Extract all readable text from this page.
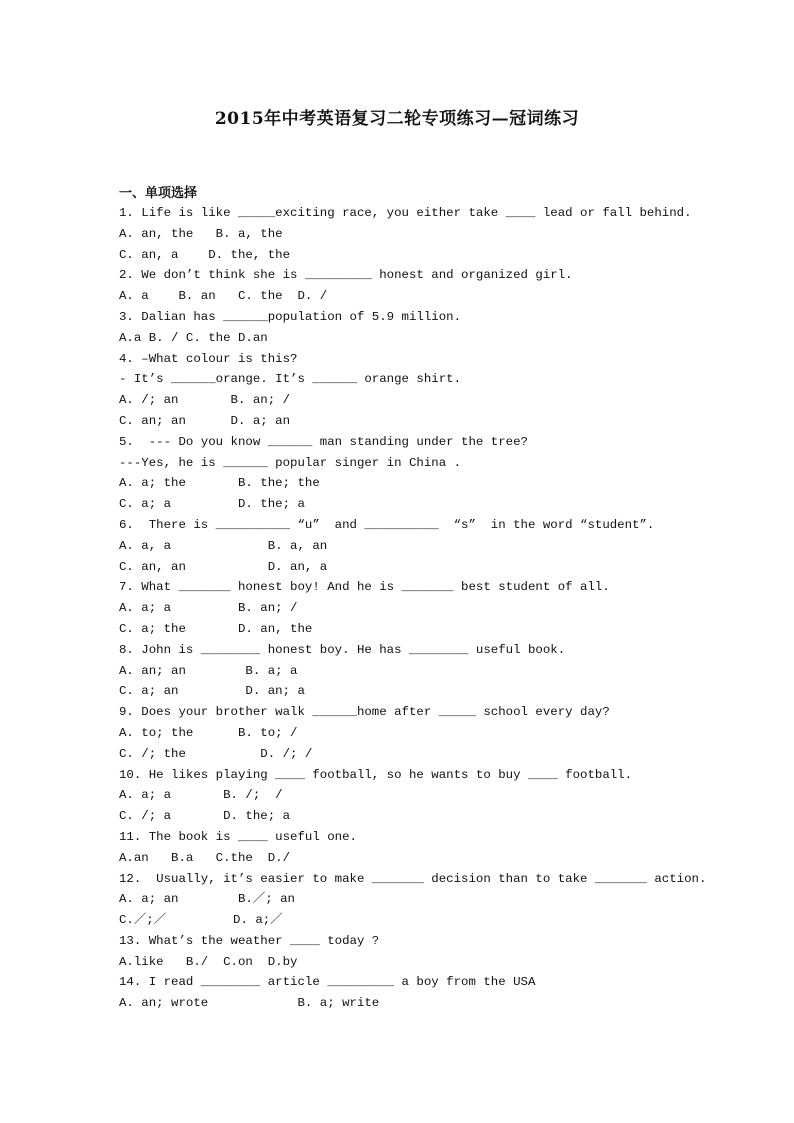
2015年中考英语复习二轮专项练习—冠词练习
一、单项选择
1. Life is like _____exciting race, you either take ____ lead or fall behind.
A. an, the   B. a, the
C. an, a    D. the, the
2. We don’t think she is _________ honest and organized girl.
A. a    B. an   C. the  D. /
3. Dalian has ______population of 5.9 million.
A.a B. / C. the D.an
4. –What colour is this?
- It’s ______orange. It’s ______ orange shirt.
A. /; an       B. an; /
C. an; an      D. a; an
5.  --- Do you know ______ man standing under the tree?
---Yes, he is ______ popular singer in China .
A. a; the       B. the; the
C. a; a         D. the; a
6.  There is __________ “u”  and __________  “s”  in the word “student”.
A. a, a             B. a, an
C. an, an           D. an, a
7. What _______ honest boy! And he is _______ best student of all.
A. a; a         B. an; /
C. a; the       D. an, the
8. John is ________ honest boy. He has ________ useful book.
A. an; an        B. a; a
C. a; an         D. an; a
9. Does your brother walk ______home after _____ school every day?
A. to; the      B. to; /
C. /; the          D. /; /
10. He likes playing ____ football, so he wants to buy ____ football.
A. a; a       B. /;  /
C. /; a       D. the; a
11. The book is ____ useful one.
A.an   B.a   C.the  D./
12.  Usually, it’s easier to make _______ decision than to take _______ action.
A. a; an        B.／; an
C.／;／         D. a;／
13. What’s the weather ____ today ?
A.like   B./  C.on  D.by
14. I read ________ article _________ a boy from the USA
A. an; wrote            B. a; write
